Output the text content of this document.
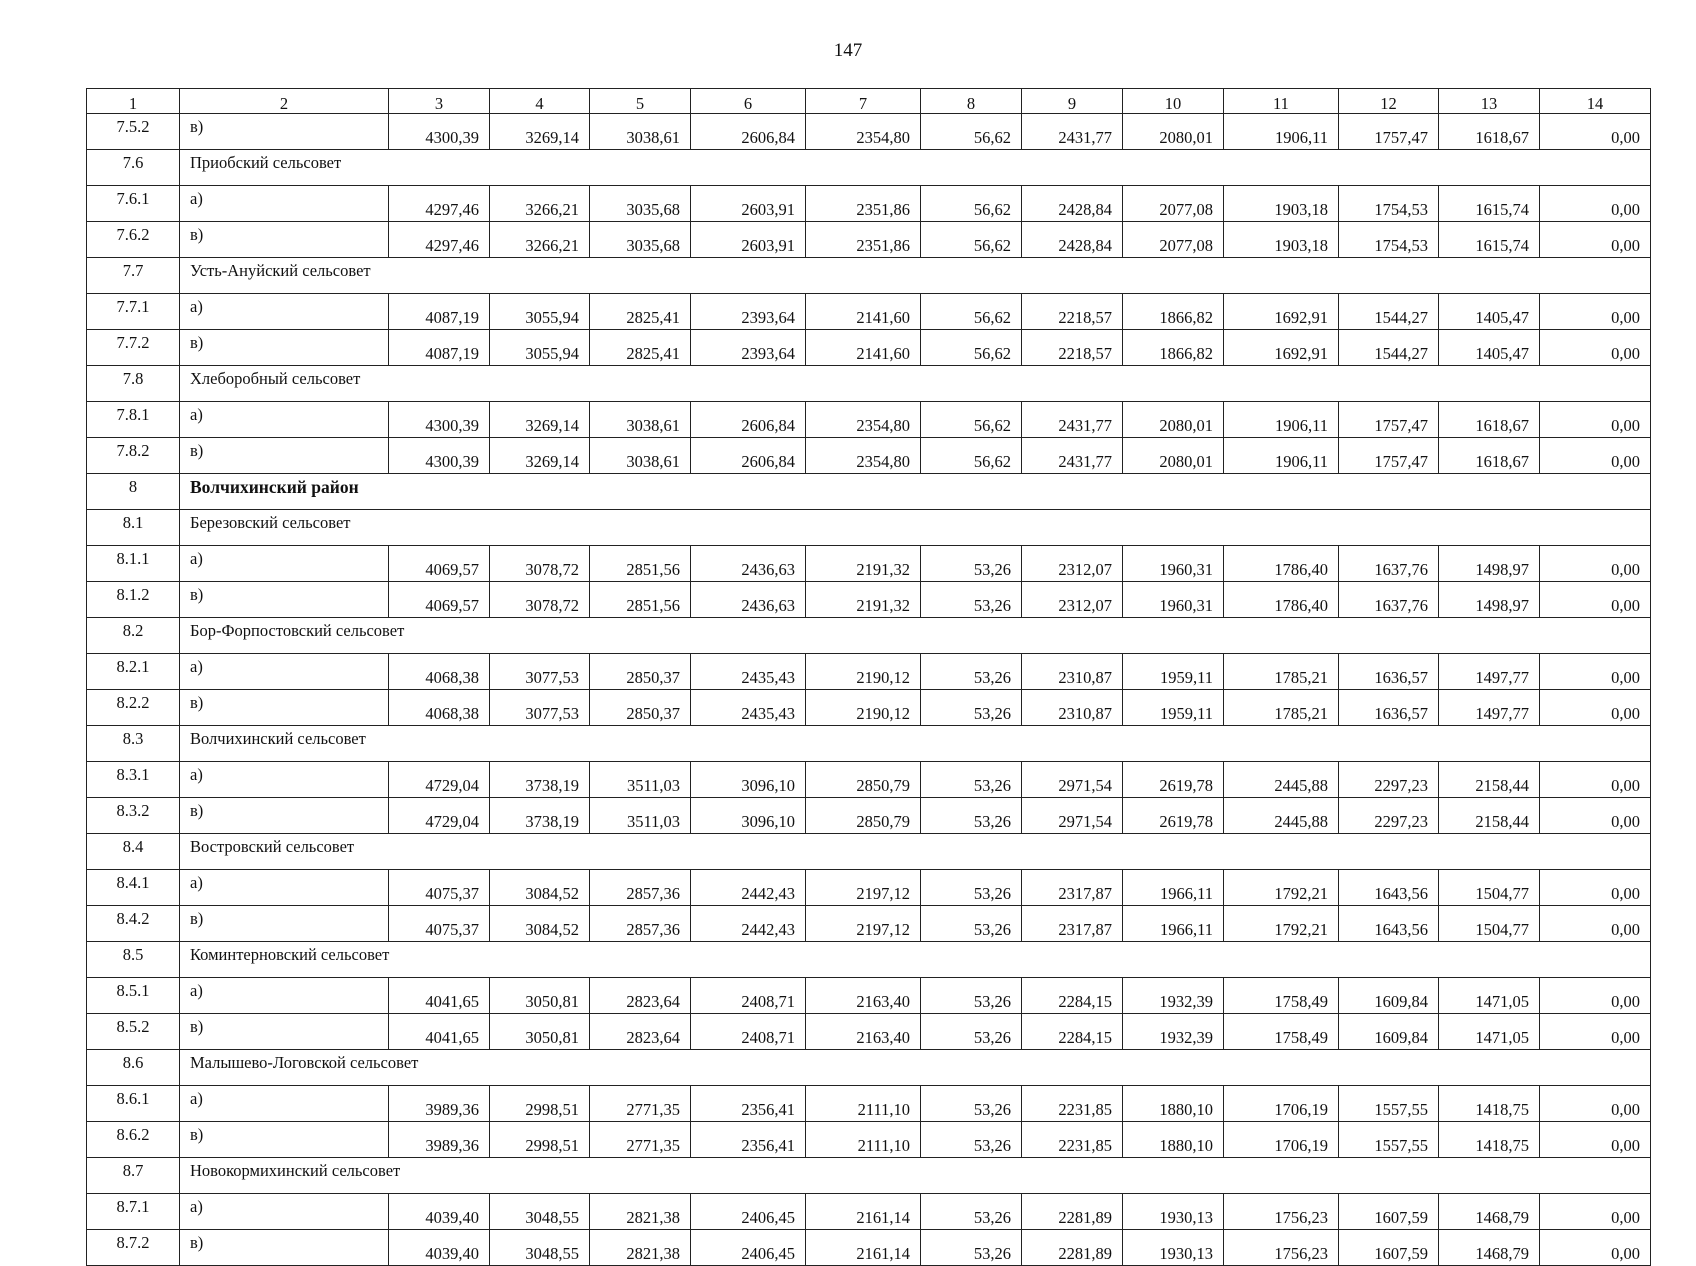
147
1	2	3	4	5	6	7	8	9	10	11	12	13	14
7.5.2	в)	4300,39	3269,14	3038,61	2606,84	2354,80	56,62	2431,77	2080,01	1906,11	1757,47	1618,67	0,00
7.6	Приобский сельсовет												
7.6.1	а)	4297,46	3266,21	3035,68	2603,91	2351,86	56,62	2428,84	2077,08	1903,18	1754,53	1615,74	0,00
7.6.2	в)	4297,46	3266,21	3035,68	2603,91	2351,86	56,62	2428,84	2077,08	1903,18	1754,53	1615,74	0,00
7.7	Усть-Ануйский сельсовет												
7.7.1	а)	4087,19	3055,94	2825,41	2393,64	2141,60	56,62	2218,57	1866,82	1692,91	1544,27	1405,47	0,00
7.7.2	в)	4087,19	3055,94	2825,41	2393,64	2141,60	56,62	2218,57	1866,82	1692,91	1544,27	1405,47	0,00
7.8	Хлеборобный сельсовет												
7.8.1	а)	4300,39	3269,14	3038,61	2606,84	2354,80	56,62	2431,77	2080,01	1906,11	1757,47	1618,67	0,00
7.8.2	в)	4300,39	3269,14	3038,61	2606,84	2354,80	56,62	2431,77	2080,01	1906,11	1757,47	1618,67	0,00
8	Волчихинский район												
8.1	Березовский сельсовет												
8.1.1	а)	4069,57	3078,72	2851,56	2436,63	2191,32	53,26	2312,07	1960,31	1786,40	1637,76	1498,97	0,00
8.1.2	в)	4069,57	3078,72	2851,56	2436,63	2191,32	53,26	2312,07	1960,31	1786,40	1637,76	1498,97	0,00
8.2	Бор-Форпостовский сельсовет												
8.2.1	а)	4068,38	3077,53	2850,37	2435,43	2190,12	53,26	2310,87	1959,11	1785,21	1636,57	1497,77	0,00
8.2.2	в)	4068,38	3077,53	2850,37	2435,43	2190,12	53,26	2310,87	1959,11	1785,21	1636,57	1497,77	0,00
8.3	Волчихинский сельсовет												
8.3.1	а)	4729,04	3738,19	3511,03	3096,10	2850,79	53,26	2971,54	2619,78	2445,88	2297,23	2158,44	0,00
8.3.2	в)	4729,04	3738,19	3511,03	3096,10	2850,79	53,26	2971,54	2619,78	2445,88	2297,23	2158,44	0,00
8.4	Востровский сельсовет												
8.4.1	а)	4075,37	3084,52	2857,36	2442,43	2197,12	53,26	2317,87	1966,11	1792,21	1643,56	1504,77	0,00
8.4.2	в)	4075,37	3084,52	2857,36	2442,43	2197,12	53,26	2317,87	1966,11	1792,21	1643,56	1504,77	0,00
8.5	Коминтерновский сельсовет												
8.5.1	а)	4041,65	3050,81	2823,64	2408,71	2163,40	53,26	2284,15	1932,39	1758,49	1609,84	1471,05	0,00
8.5.2	в)	4041,65	3050,81	2823,64	2408,71	2163,40	53,26	2284,15	1932,39	1758,49	1609,84	1471,05	0,00
8.6	Малышево-Логовской сельсовет												
8.6.1	а)	3989,36	2998,51	2771,35	2356,41	2111,10	53,26	2231,85	1880,10	1706,19	1557,55	1418,75	0,00
8.6.2	в)	3989,36	2998,51	2771,35	2356,41	2111,10	53,26	2231,85	1880,10	1706,19	1557,55	1418,75	0,00
8.7	Новокормихинский сельсовет												
8.7.1	а)	4039,40	3048,55	2821,38	2406,45	2161,14	53,26	2281,89	1930,13	1756,23	1607,59	1468,79	0,00
8.7.2	в)	4039,40	3048,55	2821,38	2406,45	2161,14	53,26	2281,89	1930,13	1756,23	1607,59	1468,79	0,00
